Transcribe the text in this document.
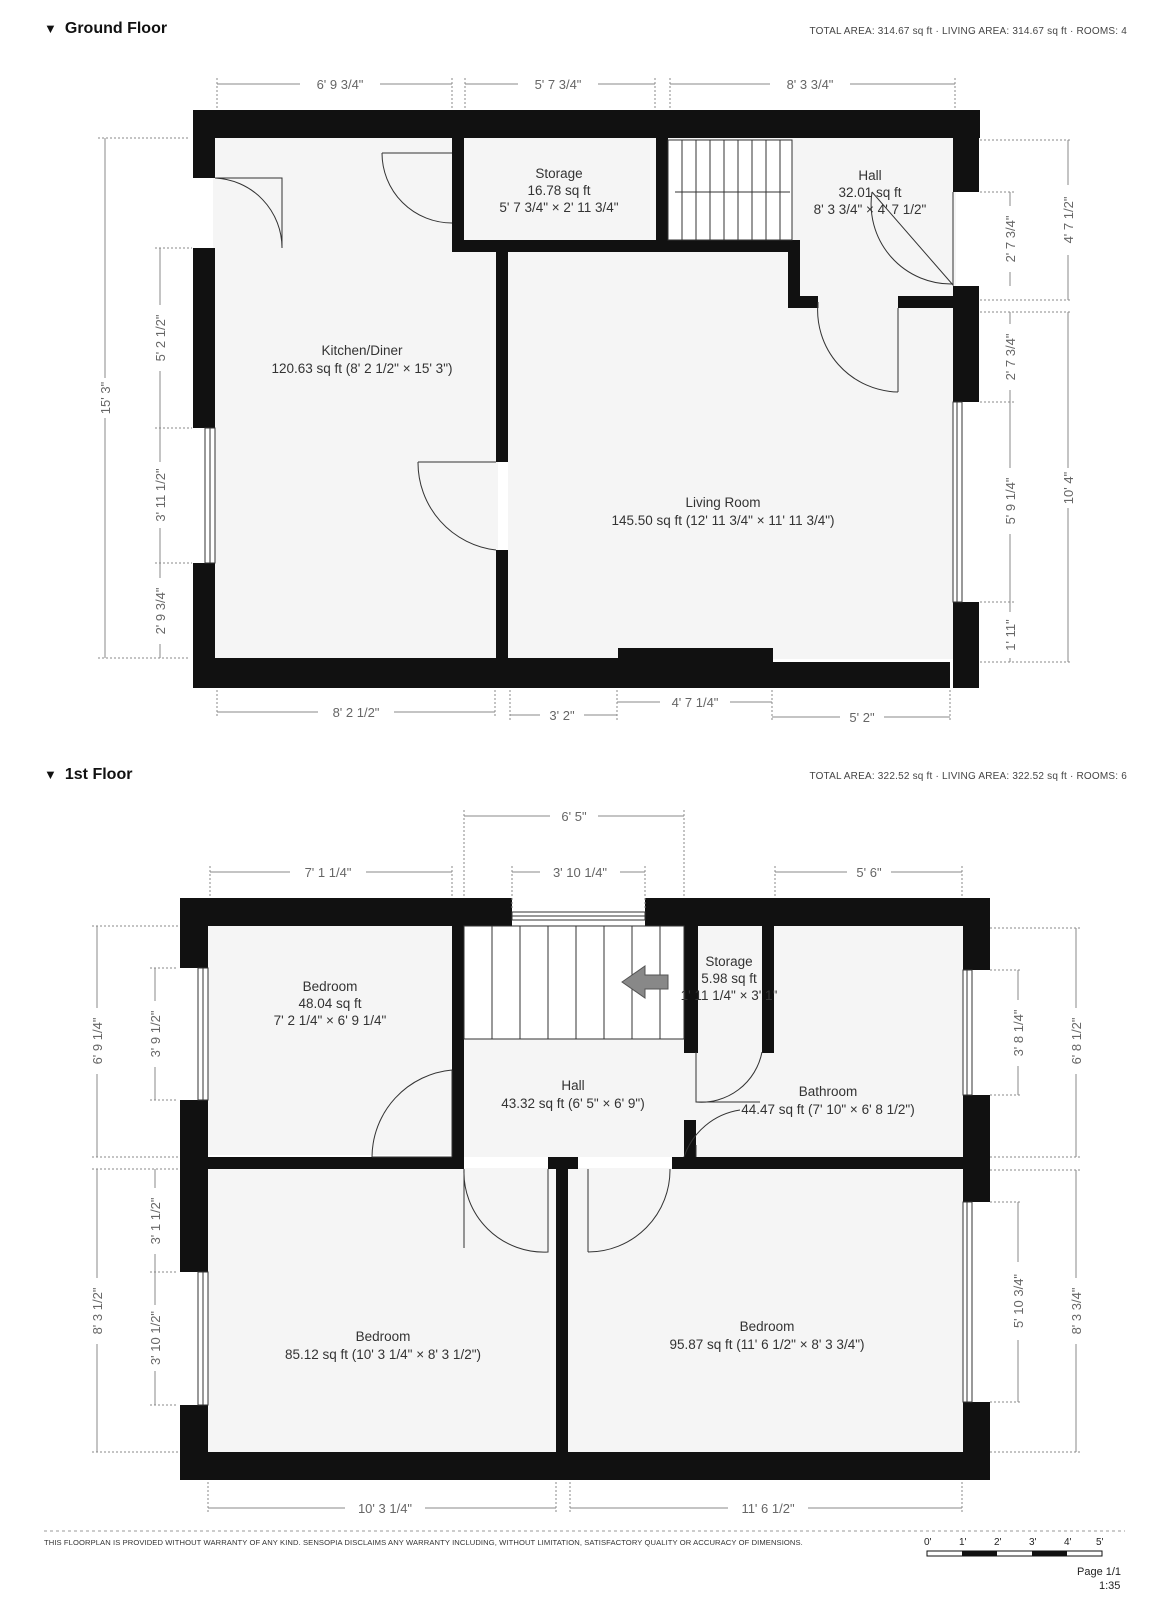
▼ Ground Floor	TOTAL AREA: 314.67 sq ft · LIVING AREA: 314.67 sq ft · ROOMS: 4
▼ 1st Floor	TOTAL AREA: 322.52 sq ft · LIVING AREA: 322.52 sq ft · ROOMS: 6
Kitchen/Diner
120.63 sq ft (8' 2 1/2" × 15' 3")
Storage
16.78 sq ft
5' 7 3/4" × 2' 11 3/4"
Hall
32.01 sq ft
8' 3 3/4" × 4' 7 1/2"
Living Room
145.50 sq ft (12' 11 3/4" × 11' 11 3/4")
6' 9 3/4"	5' 7 3/4"	8' 3 3/4"
8' 2 1/2"	3' 2"
4' 7 1/4"
5' 2"
15' 3"
5' 2 1/2"
3' 11 1/2"
2' 9 3/4"
4' 7 1/2"
10' 4"
2' 7 3/4"
2' 7 3/4"
5' 9 1/4"
1' 11"
Bedroom
48.04 sq ft
7' 2 1/4" × 6' 9 1/4"
Storage
5.98 sq ft
1' 11 1/4" × 3' 1"
Hall
43.32 sq ft (6' 5" × 6' 9")
Bathroom
44.47 sq ft (7' 10" × 6' 8 1/2")
Bedroom
85.12 sq ft (10' 3 1/4" × 8' 3 1/2")
Bedroom
95.87 sq ft (11' 6 1/2" × 8' 3 3/4")
6' 5"
7' 1 1/4"	3' 10 1/4"	5' 6"
10' 3 1/4"	11' 6 1/2"
6' 9 1/4"
8' 3 1/2"
3' 9 1/2"
3' 1 1/2"
3' 10 1/2"
6' 8 1/2"
8' 3 3/4"
3' 8 1/4"
5' 10 3/4"
THIS FLOORPLAN IS PROVIDED WITHOUT WARRANTY OF ANY KIND. SENSOPIA DISCLAIMS ANY WARRANTY INCLUDING, WITHOUT LIMITATION, SATISFACTORY QUALITY OR ACCURACY OF DIMENSIONS.	0'	1'	2'	3'	4' 5'
1:35
Page 1/1
